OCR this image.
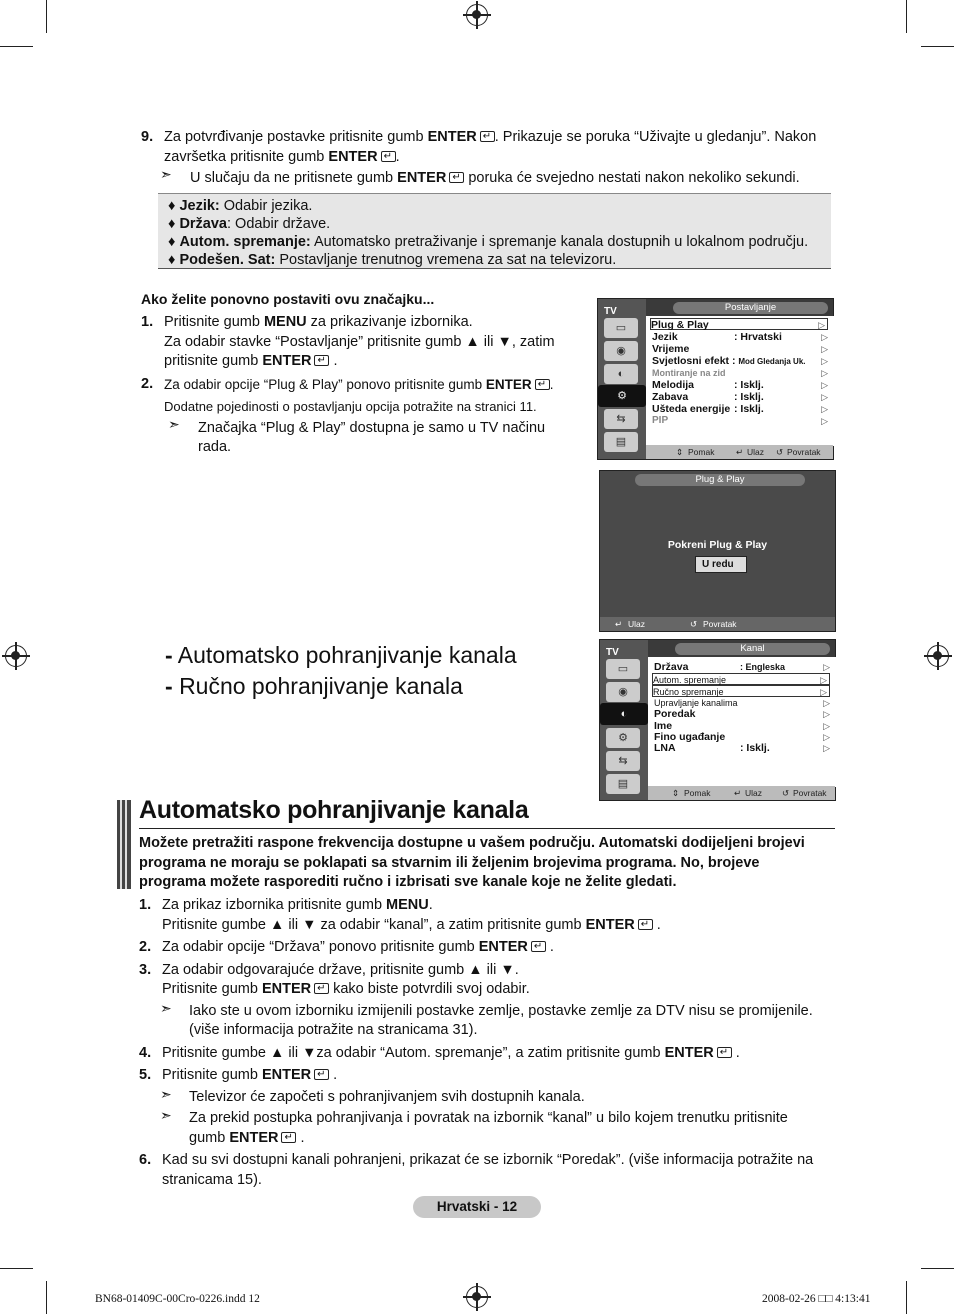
9. Za potvrđivanje postavke pritisnite gumb ENTER ↵ . Prikazuje se poruka “Uživajte u gledanju”. Nakon
završetka pritisnite gumb ENTER ↵ .
➣ U slučaju da ne pritisnete gumb ENTER↵ poruka će svejedno nestati nakon nekoliko sekundi.
♦ Jezik: Odabir jezika.
♦ Država: Odabir države.
♦ Autom. spremanje: Automatsko pretraživanje i spremanje kanala dostupnih u lokalnom području.
♦ Podešen. Sat: Postavljanje trenutnog vremena za sat na televizoru.
Ako želite ponovno postaviti ovu značajku...
1. Pritisnite gumb MENU za prikazivanje izbornika.
Za odabir stavke “Postavljanje” pritisnite gumb ▲ ili ▼, zatim
pritisnite gumb ENTER↵ .
2. Za odabir opcije “Plug & Play” ponovo pritisnite gumb ENTER ↵ .
Dodatne pojedinosti o postavljanju opcija potražite na stranici 11.
➣ Značajka “Plug & Play” dostupna je samo u TV načinu
rada.
▭
◉
◐
⚙
⇆
▤
TV	Postavljanje
Plug & Play	▷
Jezik	: Hrvatski	▷
Vrijeme	▷
Svjetlosni efekt : Mod Gledanja Uk. ▷
Montiranje na zid	▷
Melodija	: Isklj.	▷
Zabava	: Isklj.	▷
Ušteda energije : Isklj.	▷
PIP	▷
⇕ Pomak	↵ Ulaz ↺ Povratak
Plug & Play
Pokreni Plug & Play
U redu
↵ Ulaz	↺ Povratak
- Automatsko pohranjivanje kanala
- Ručno pohranjivanje kanala
▭
◉
◐
⚙
⇆
▤
TV	Kanal
Država	: Engleska	▷
Autom. spremanje	▷
Ručno spremanje	▷
Upravljanje kanalima	▷
Poredak	▷
Ime	▷
Fino ugađanje	▷
LNA	: Isklj.	▷
⇕ Pomak	↵ Ulaz ↺ Povratak
Automatsko pohranjivanje kanala
Možete pretražiti raspone frekvencija dostupne u vašem području. Automatski dodijeljeni brojevi
programa ne moraju se poklapati sa stvarnim ili željenim brojevima programa. No, brojeve
programa možete rasporediti ručno i izbrisati sve kanale koje ne želite gledati.
1. Za prikaz izbornika pritisnite gumb MENU.
Pritisnite gumbe ▲ ili ▼ za odabir “kanal”, a zatim pritisnite gumb ENTER↵ .
2. Za odabir opcije “Država” ponovo pritisnite gumb ENTER↵ .
3. Za odabir odgovarajuće države, pritisnite gumb ▲ ili ▼.
Pritisnite gumb ENTER↵ kako biste potvrdili svoj odabir.
➣ Iako ste u ovom izborniku izmijenili postavke zemlje, postavke zemlje za DTV nisu se promijenile.
(više informacija potražite na stranicama 31).
4. Pritisnite gumbe ▲ ili ▼za odabir “Autom. spremanje”, a zatim pritisnite gumb ENTER↵ .
5. Pritisnite gumb ENTER↵ .
➣ Televizor će započeti s pohranjivanjem svih dostupnih kanala.
➣ Za prekid postupka pohranjivanja i povratak na izbornik “kanal” u bilo kojem trenutku pritisnite
gumb ENTER↵ .
6. Kad su svi dostupni kanali pohranjeni, prikazat će se izbornik “Poredak”. (više informacija potražite na
stranicama 15).
Hrvatski - 12
BN68-01409C-00Cro-0226.indd 12	2008-02-26 □□ 4:13:41
